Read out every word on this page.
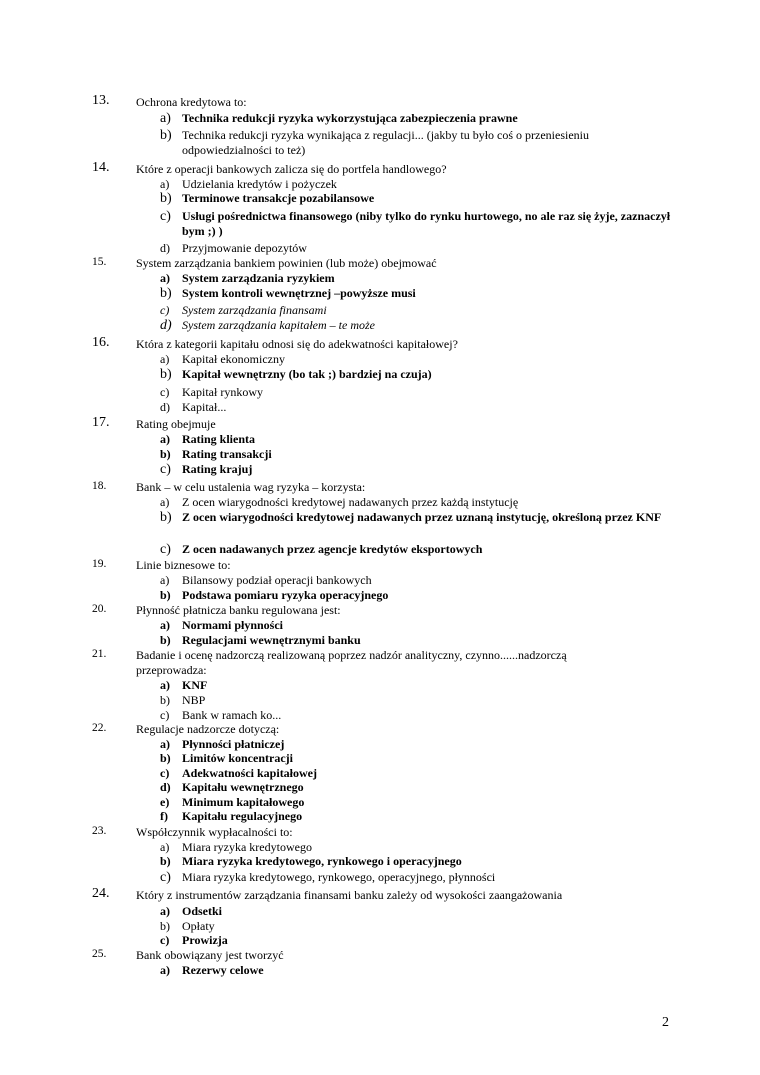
13. Ochrona kredytowa to:
a) Technika redukcji ryzyka wykorzystująca zabezpieczenia prawne
b) Technika redukcji ryzyka wynikająca z regulacji... (jakby tu było coś o przeniesieniu odpowiedzialności to też)
14. Które z operacji bankowych zalicza się do portfela handlowego?
a) Udzielania kredytów i pożyczek
b) Terminowe transakcje pozabilansowe
c) Usługi pośrednictwa finansowego (niby tylko do rynku hurtowego, no ale raz się żyje, zaznaczył bym ;) )
d) Przyjmowanie depozytów
15. System zarządzania bankiem powinien (lub może) obejmować
a) System zarządzania ryzykiem
b) System kontroli wewnętrznej –powyższe musi
c) System zarządzania finansami
d) System zarządzania kapitałem – te może
16. Która z kategorii kapitału odnosi się do adekwatności kapitałowej?
a) Kapitał ekonomiczny
b) Kapitał wewnętrzny (bo tak ;) bardziej na czuja)
c) Kapitał rynkowy
d) Kapitał...
17. Rating obejmuje
a) Rating klienta
b) Rating transakcji
c) Rating krajuj
18. Bank – w celu ustalenia wag ryzyka – korzysta:
a) Z ocen wiarygodności kredytowej nadawanych przez każdą instytucję
b) Z ocen wiarygodności kredytowej nadawanych przez uznaną instytucję, określoną przez KNF
c) Z ocen nadawanych przez agencje kredytów eksportowych
19. Linie biznesowe to:
a) Bilansowy podział operacji bankowych
b) Podstawa pomiaru ryzyka operacyjnego
20. Płynność płatnicza banku regulowana jest:
a) Normami płynności
b) Regulacjami wewnętrznymi banku
21. Badanie i ocenę nadzorczą realizowaną poprzez nadzór analityczny, czynno......nadzorczą
przeprowadza:
a) KNF
b) NBP
c) Bank w ramach ko...
22. Regulacje nadzorcze dotyczą:
a) Płynności płatniczej
b) Limitów koncentracji
c) Adekwatności kapitałowej
d) Kapitału wewnętrznego
e) Minimum kapitałowego
f) Kapitału regulacyjnego
23. Współczynnik wypłacalności to:
a) Miara ryzyka kredytowego
b) Miara ryzyka kredytowego, rynkowego i operacyjnego
c) Miara ryzyka kredytowego, rynkowego, operacyjnego, płynności
24. Który z instrumentów zarządzania finansami banku zależy od wysokości zaangażowania
a) Odsetki
b) Opłaty
c) Prowizja
25. Bank obowiązany jest tworzyć
a) Rezerwy celowe
2
